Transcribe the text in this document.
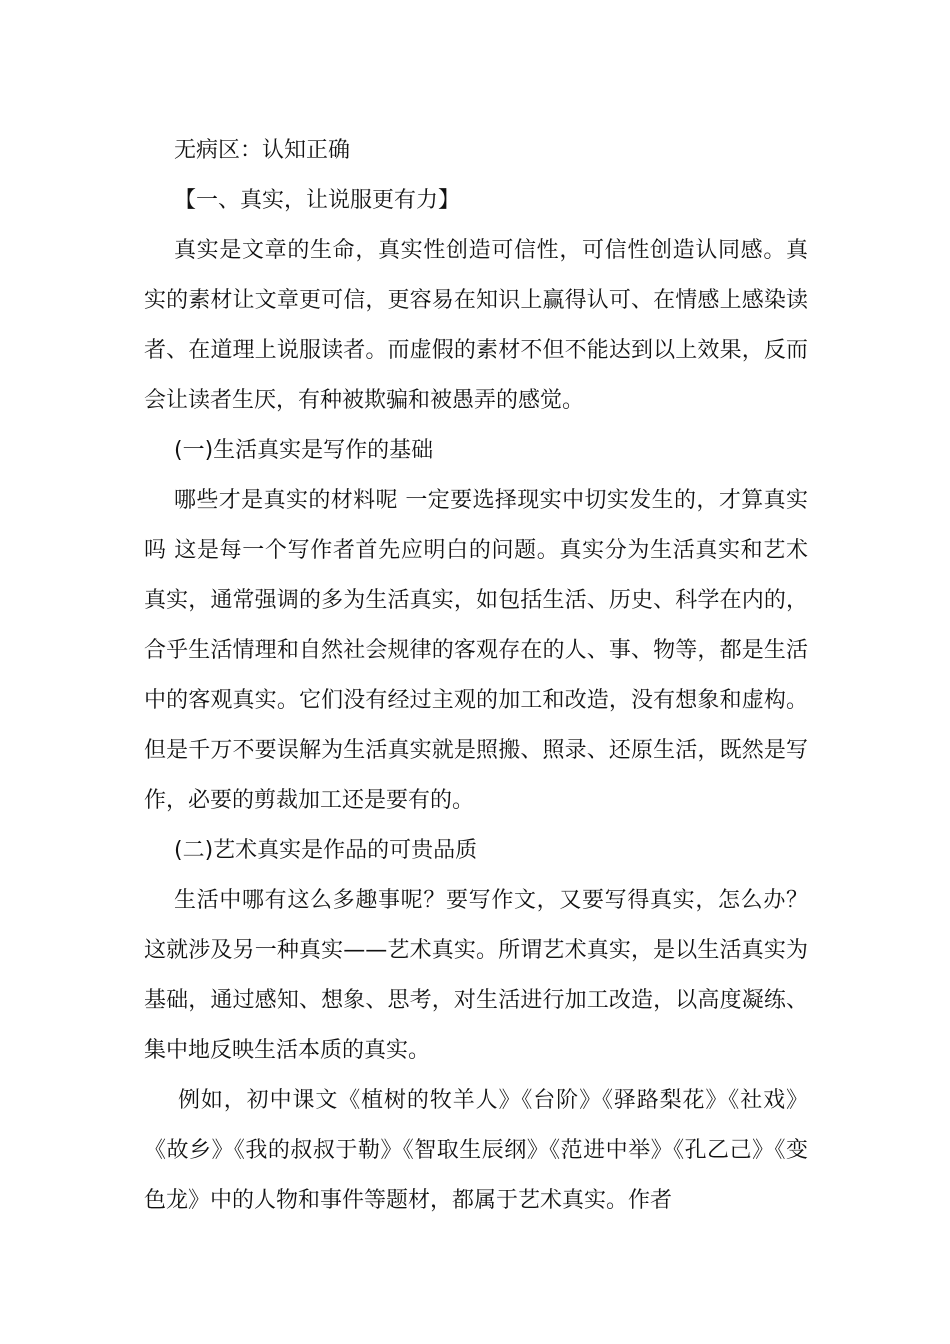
无病区：认知正确

【一、真实，让说服更有力】

真实是文章的生命，真实性创造可信性，可信性创造认同感。真实的素材让文章更可信，更容易在知识上赢得认可、在情感上感染读者、在道理上说服读者。而虚假的素材不但不能达到以上效果，反而会让读者生厌，有种被欺骗和被愚弄的感觉。

(一)生活真实是写作的基础

哪些才是真实的材料呢 一定要选择现实中切实发生的，才算真实吗 这是每一个写作者首先应明白的问题。真实分为生活真实和艺术真实，通常强调的多为生活真实，如包括生活、历史、科学在内的，合乎生活情理和自然社会规律的客观存在的人、事、物等，都是生活中的客观真实。它们没有经过主观的加工和改造，没有想象和虚构。但是千万不要误解为生活真实就是照搬、照录、还原生活，既然是写作，必要的剪裁加工还是要有的。

(二)艺术真实是作品的可贵品质

生活中哪有这么多趣事呢？要写作文，又要写得真实，怎么办？这就涉及另一种真实——艺术真实。所谓艺术真实，是以生活真实为基础，通过感知、想象、思考，对生活进行加工改造，以高度凝练、集中地反映生活本质的真实。

例如，初中课文《植树的牧羊人》《台阶》《驿路梨花》《社戏》《故乡》《我的叔叔于勒》《智取生辰纲》《范进中举》《孔乙己》《变色龙》中的人物和事件等题材，都属于艺术真实。作者
